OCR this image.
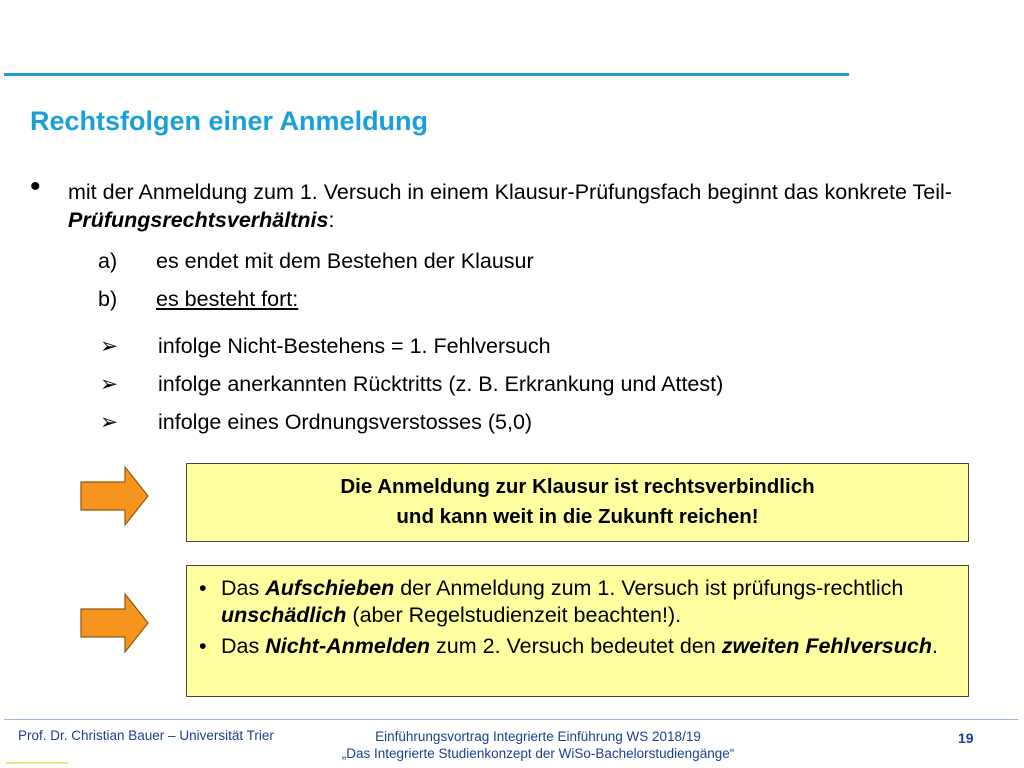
Rechtsfolgen einer Anmeldung
• mit der Anmeldung zum 1. Versuch in einem Klausur-Prüfungsfach beginnt das konkrete Teil-Prüfungsrechtsverhältnis:
a) es endet mit dem Bestehen der Klausur
b) es besteht fort:
➢ infolge Nicht-Bestehens = 1. Fehlversuch
➢ infolge anerkannten Rücktritts (z. B. Erkrankung und Attest)
➢ infolge eines Ordnungsverstosses (5,0)
Die Anmeldung zur Klausur ist rechtsverbindlich
und kann weit in die Zukunft reichen!
• Das Aufschieben der Anmeldung zum 1. Versuch ist prüfungs-rechtlich unschädlich (aber Regelstudienzeit beachten!).
• Das Nicht-Anmelden zum 2. Versuch bedeutet den zweiten Fehlversuch.
Prof. Dr. Christian Bauer – Universität Trier	Einführungsvortrag Integrierte Einführung WS 2018/19
„Das Integrierte Studienkonzept der WiSo-Bachelorstudiengänge“
19
